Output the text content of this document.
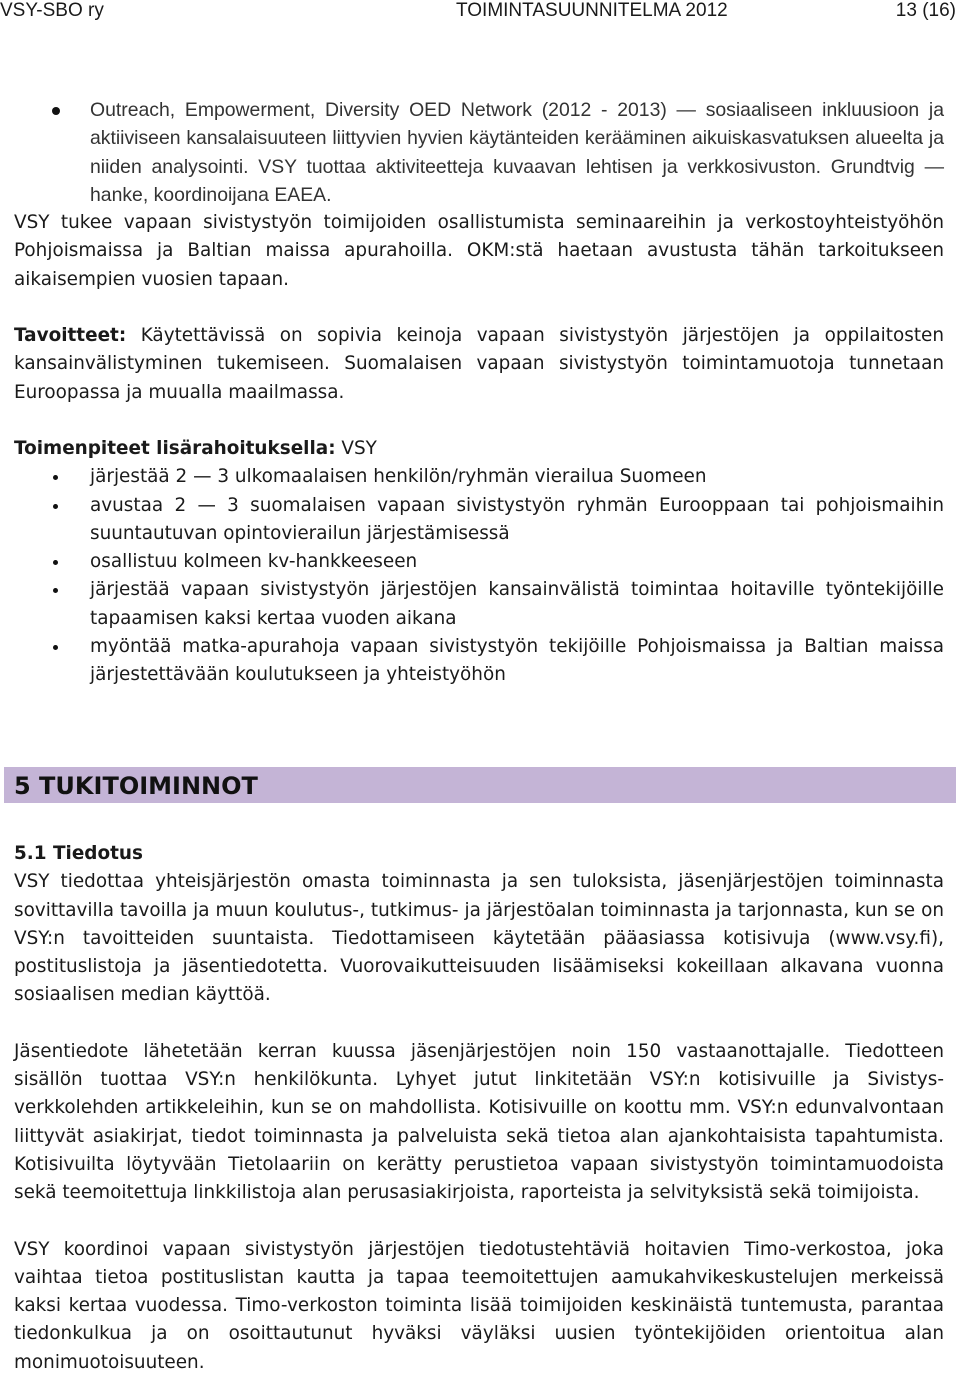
VSY-SBO ry	TOIMINTASUUNNITELMA 2012	13 (16)
Outreach, Empowerment, Diversity OED Network (2012 - 2013) — sosiaaliseen inkluusioon ja aktiiviseen kansalaisuuteen liittyvien hyvien käytänteiden kerääminen aikuiskasvatuksen alueelta ja niiden analysointi. VSY tuottaa aktiviteetteja kuvaavan lehtisen ja verkkosivuston. Grundtvig —hanke, koordinoijana EAEA.

VSY tukee vapaan sivistystyön toimijoiden osallistumista seminaareihin ja verkostoyhteistyöhön Pohjoismaissa ja Baltian maissa apurahoilla. OKM:stä haetaan avustusta tähän tarkoitukseen aikaisempien vuosien tapaan.

Tavoitteet: Käytettävissä on sopivia keinoja vapaan sivistystyön järjestöjen ja oppilaitosten kansainvälistyminen tukemiseen. Suomalaisen vapaan sivistystyön toimintamuotoja tunnetaan Euroopassa ja muualla maailmassa.

Toimenpiteet lisärahoituksella: VSY

järjestää 2 — 3 ulkomaalaisen henkilön/ryhmän vierailua Suomeen
avustaa 2 — 3 suomalaisen vapaan sivistystyön ryhmän Eurooppaan tai pohjoismaihin suuntautuvan opintovierailun järjestämisessä
osallistuu kolmeen kv-hankkeeseen
järjestää vapaan sivistystyön järjestöjen kansainvälistä toimintaa hoitaville työntekijöille tapaamisen kaksi kertaa vuoden aikana
myöntää matka-apurahoja vapaan sivistystyön tekijöille Pohjoismaissa ja Baltian maissa järjestettävään koulutukseen ja yhteistyöhön
5 TUKITOIMINNOT
5.1 Tiedotus

VSY tiedottaa yhteisjärjestön omasta toiminnasta ja sen tuloksista, jäsenjärjestöjen toiminnasta sovittavilla tavoilla ja muun koulutus-, tutkimus- ja järjestöalan toiminnasta ja tarjonnasta, kun se on VSY:n tavoitteiden suuntaista. Tiedottamiseen käytetään pääasiassa kotisivuja (www.vsy.fi), postituslistoja ja jäsentiedotetta. Vuorovaikutteisuuden lisäämiseksi kokeillaan alkavana vuonna sosiaalisen median käyttöä.

Jäsentiedote lähetetään kerran kuussa jäsenjärjestöjen noin 150 vastaanottajalle. Tiedotteen sisällön tuottaa VSY:n henkilökunta. Lyhyet jutut linkitetään VSY:n kotisivuille ja Sivistys-verkkolehden artikkeleihin, kun se on mahdollista. Kotisivuille on koottu mm. VSY:n edunvalvontaan liittyvät asiakirjat, tiedot toiminnasta ja palveluista sekä tietoa alan ajankohtaisista tapahtumista. Kotisivuilta löytyvään Tietolaariin on kerätty perustietoa vapaan sivistystyön toimintamuodoista sekä teemoitettuja linkkilistoja alan perusasiakirjoista, raporteista ja selvityksistä sekä toimijoista.

VSY koordinoi vapaan sivistystyön järjestöjen tiedotustehtäviä hoitavien Timo-verkostoa, joka vaihtaa tietoa postituslistan kautta ja tapaa teemoitettujen aamukahvikeskustelujen merkeissä kaksi kertaa vuodessa. Timo-verkoston toiminta lisää toimijoiden keskinäistä tuntemusta, parantaa tiedonkulkua ja on osoittautunut hyväksi väyläksi uusien työntekijöiden orientoitua alan monimuotoisuuteen.
